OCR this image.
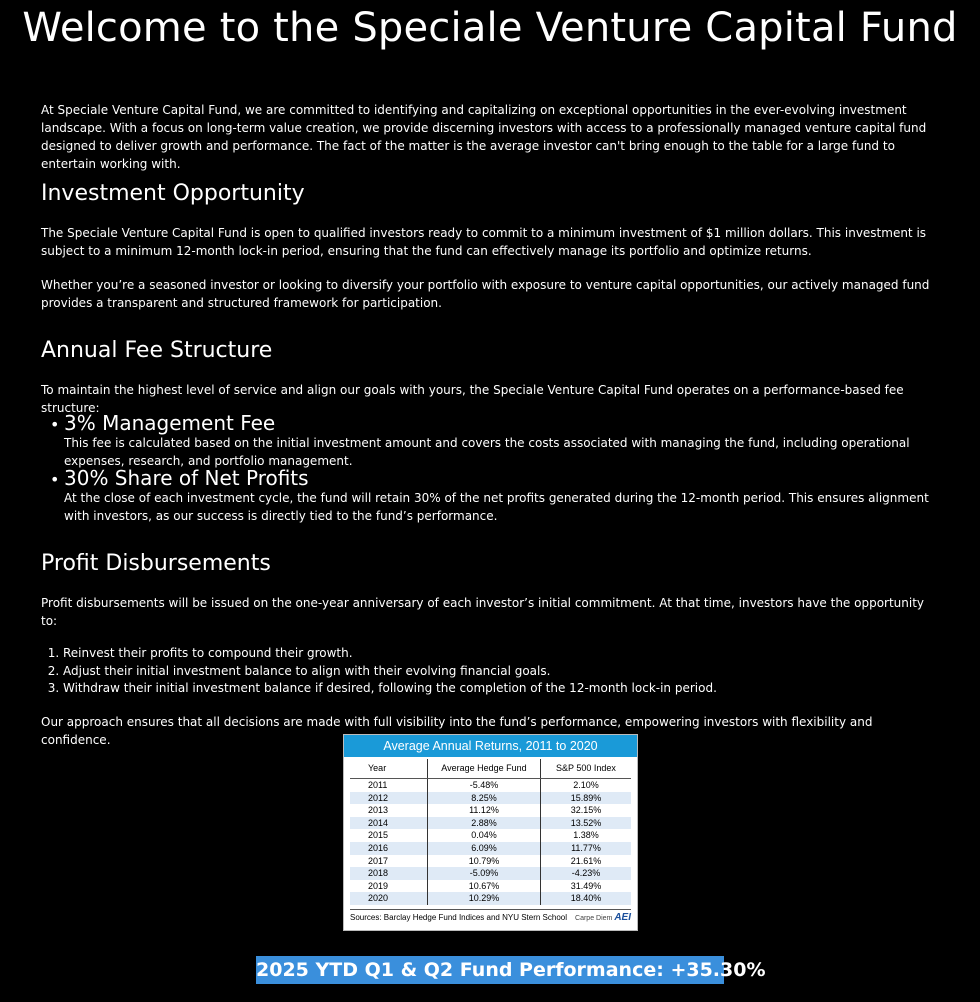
Welcome to the Speciale Venture Capital Fund

At Speciale Venture Capital Fund, we are committed to identifying and capitalizing on exceptional opportunities in the ever-evolving investment landscape. With a focus on long-term value creation, we provide discerning investors with access to a professionally managed venture capital fund designed to deliver growth and performance. The fact of the matter is the average investor can't bring enough to the table for a large fund to entertain working with.

Investment Opportunity

The Speciale Venture Capital Fund is open to qualified investors ready to commit to a minimum investment of $1 million dollars. This investment is subject to a minimum 12-month lock-in period, ensuring that the fund can effectively manage its portfolio and optimize returns.

Whether you’re a seasoned investor or looking to diversify your portfolio with exposure to venture capital opportunities, our actively managed fund provides a transparent and structured framework for participation.

Annual Fee Structure

To maintain the highest level of service and align our goals with yours, the Speciale Venture Capital Fund operates on a performance-based fee structure:

• 3% Management Fee
This fee is calculated based on the initial investment amount and covers the costs associated with managing the fund, including operational expenses, research, and portfolio management.
• 30% Share of Net Profits
At the close of each investment cycle, the fund will retain 30% of the net profits generated during the 12-month period. This ensures alignment with investors, as our success is directly tied to the fund’s performance.
Profit Disbursements

Profit disbursements will be issued on the one-year anniversary of each investor’s initial commitment. At that time, investors have the opportunity to:

1. Reinvest their profits to compound their growth.
2. Adjust their initial investment balance to align with their evolving financial goals.
3. Withdraw their initial investment balance if desired, following the completion of the 12-month lock-in period.

Our approach ensures that all decisions are made with full visibility into the fund’s performance, empowering investors with flexibility and confidence.	Average Annual Returns, 2011 to 2020
Year	Average Hedge Fund	S&P 500 Index
2011	-5.48%	2.10%
2012	8.25%	15.89%
2013	11.12%	32.15%
2014	2.88%	13.52%
2015	0.04%	1.38%
2016	6.09%	11.77%
2017	10.79%	21.61%
2018	-5.09%	-4.23%
2019	10.67%	31.49%
2020	10.29%	18.40%
Sources: Barclay Hedge Fund Indices and NYU Stern School Carpe Diem AEI
2025 YTD Q1 & Q2 Fund Performance: +35.30%
